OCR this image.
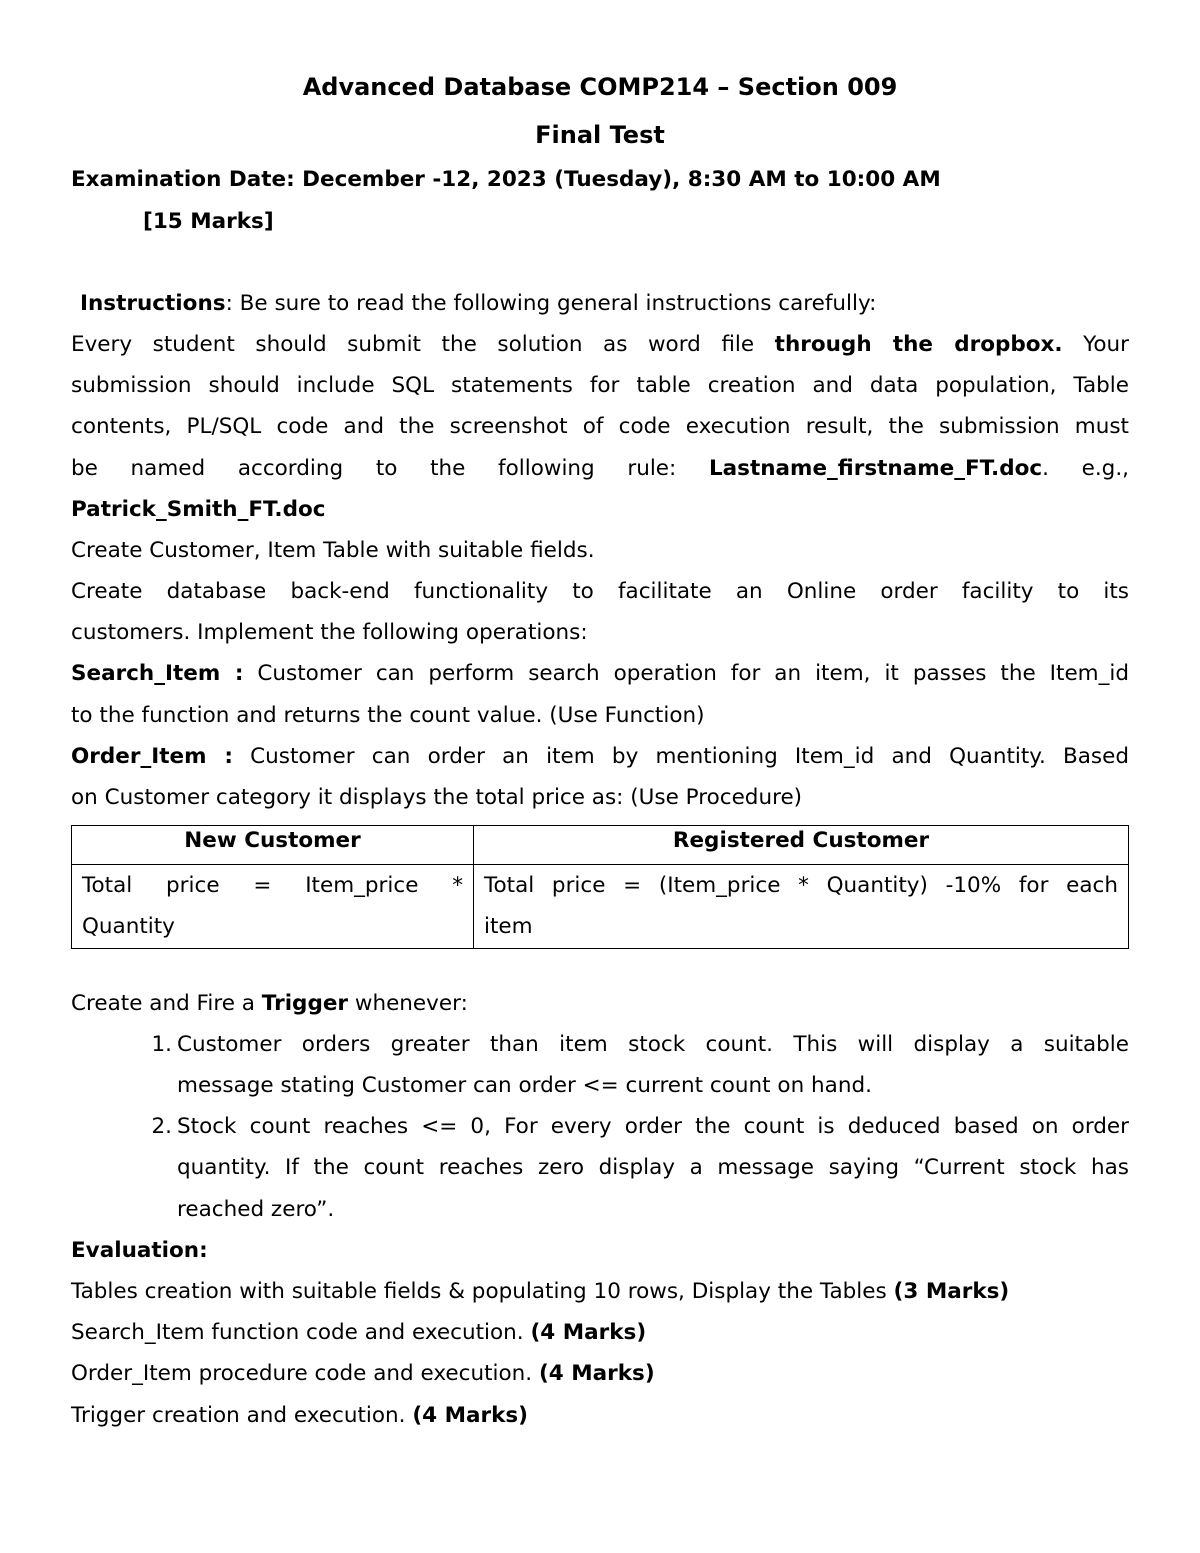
Advanced Database COMP214 – Section 009
Final Test
Examination Date: December -12, 2023 (Tuesday), 8:30 AM to 10:00 AM
[15 Marks]
Instructions: Be sure to read the following general instructions carefully:
Every student should submit the solution as word file through the dropbox. Your
submission should include SQL statements for table creation and data population, Table
contents, PL/SQL code and the screenshot of code execution result, the submission must
be named according to the following rule: Lastname_firstname_FT.doc. e.g.,
Patrick_Smith_FT.doc
Create Customer, Item Table with suitable fields.
Create database back-end functionality to facilitate an Online order facility to its
customers. Implement the following operations:
Search_Item : Customer can perform search operation for an item, it passes the Item_id
to the function and returns the count value. (Use Function)
Order_Item : Customer can order an item by mentioning Item_id and Quantity. Based
on Customer category it displays the total price as: (Use Procedure)
New Customer	Registered Customer

Total price = Item_price *
Quantity	Total price = (Item_price * Quantity) -10% for each
item
Create and Fire a Trigger whenever:
1. Customer orders greater than item stock count. This will display a suitable
message stating Customer can order <= current count on hand.
2. Stock count reaches <= 0, For every order the count is deduced based on order
quantity. If the count reaches zero display a message saying “Current stock has
reached zero”.
Evaluation:
Tables creation with suitable fields & populating 10 rows, Display the Tables (3 Marks)
Search_Item function code and execution. (4 Marks)
Order_Item procedure code and execution. (4 Marks)
Trigger creation and execution. (4 Marks)
